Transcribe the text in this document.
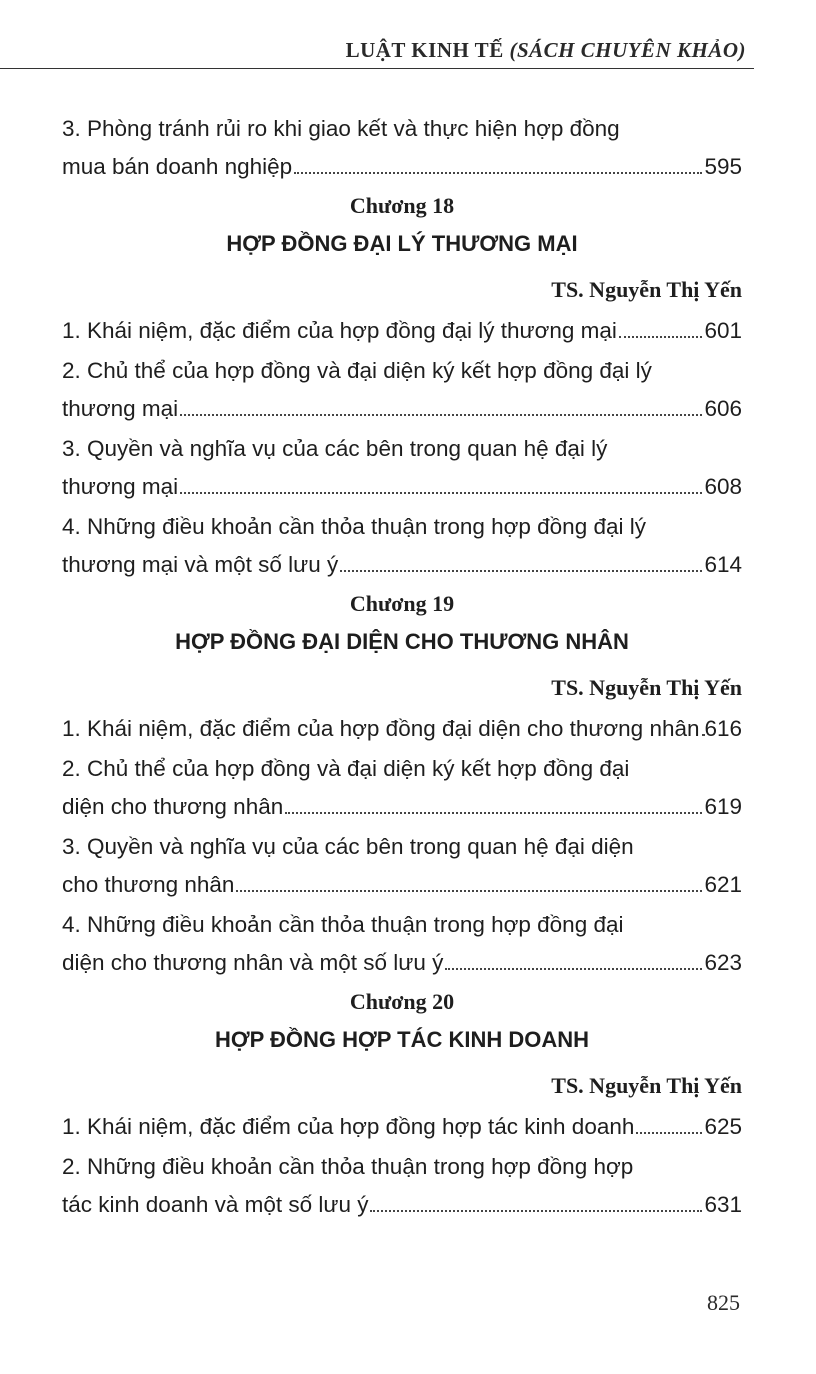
LUẬT KINH TẾ (SÁCH CHUYÊN KHẢO)
3. Phòng tránh rủi ro khi giao kết và thực hiện hợp đồng
mua bán doanh nghiệp	595
Chương 18
HỢP ĐỒNG ĐẠI LÝ THƯƠNG MẠI
TS. Nguyễn Thị Yến
1. Khái niệm, đặc điểm của hợp đồng đại lý thương mại	601
2. Chủ thể của hợp đồng và đại diện ký kết hợp đồng đại lý
thương mại	606
3. Quyền và nghĩa vụ của các bên trong quan hệ đại lý
thương mại	608
4. Những điều khoản cần thỏa thuận trong hợp đồng đại lý
thương mại và một số lưu ý	614
Chương 19
HỢP ĐỒNG ĐẠI DIỆN CHO THƯƠNG NHÂN
TS. Nguyễn Thị Yến
1. Khái niệm, đặc điểm của hợp đồng đại diện cho thương nhân 616
2. Chủ thể của hợp đồng và đại diện ký kết hợp đồng đại
diện cho thương nhân	619
3. Quyền và nghĩa vụ của các bên trong quan hệ đại diện
cho thương nhân	621
4. Những điều khoản cần thỏa thuận trong hợp đồng đại
diện cho thương nhân và một số lưu ý	623
Chương 20
HỢP ĐỒNG HỢP TÁC KINH DOANH
TS. Nguyễn Thị Yến
1. Khái niệm, đặc điểm của hợp đồng hợp tác kinh doanh	625
2. Những điều khoản cần thỏa thuận trong hợp đồng hợp
tác kinh doanh và một số lưu ý	631
825
